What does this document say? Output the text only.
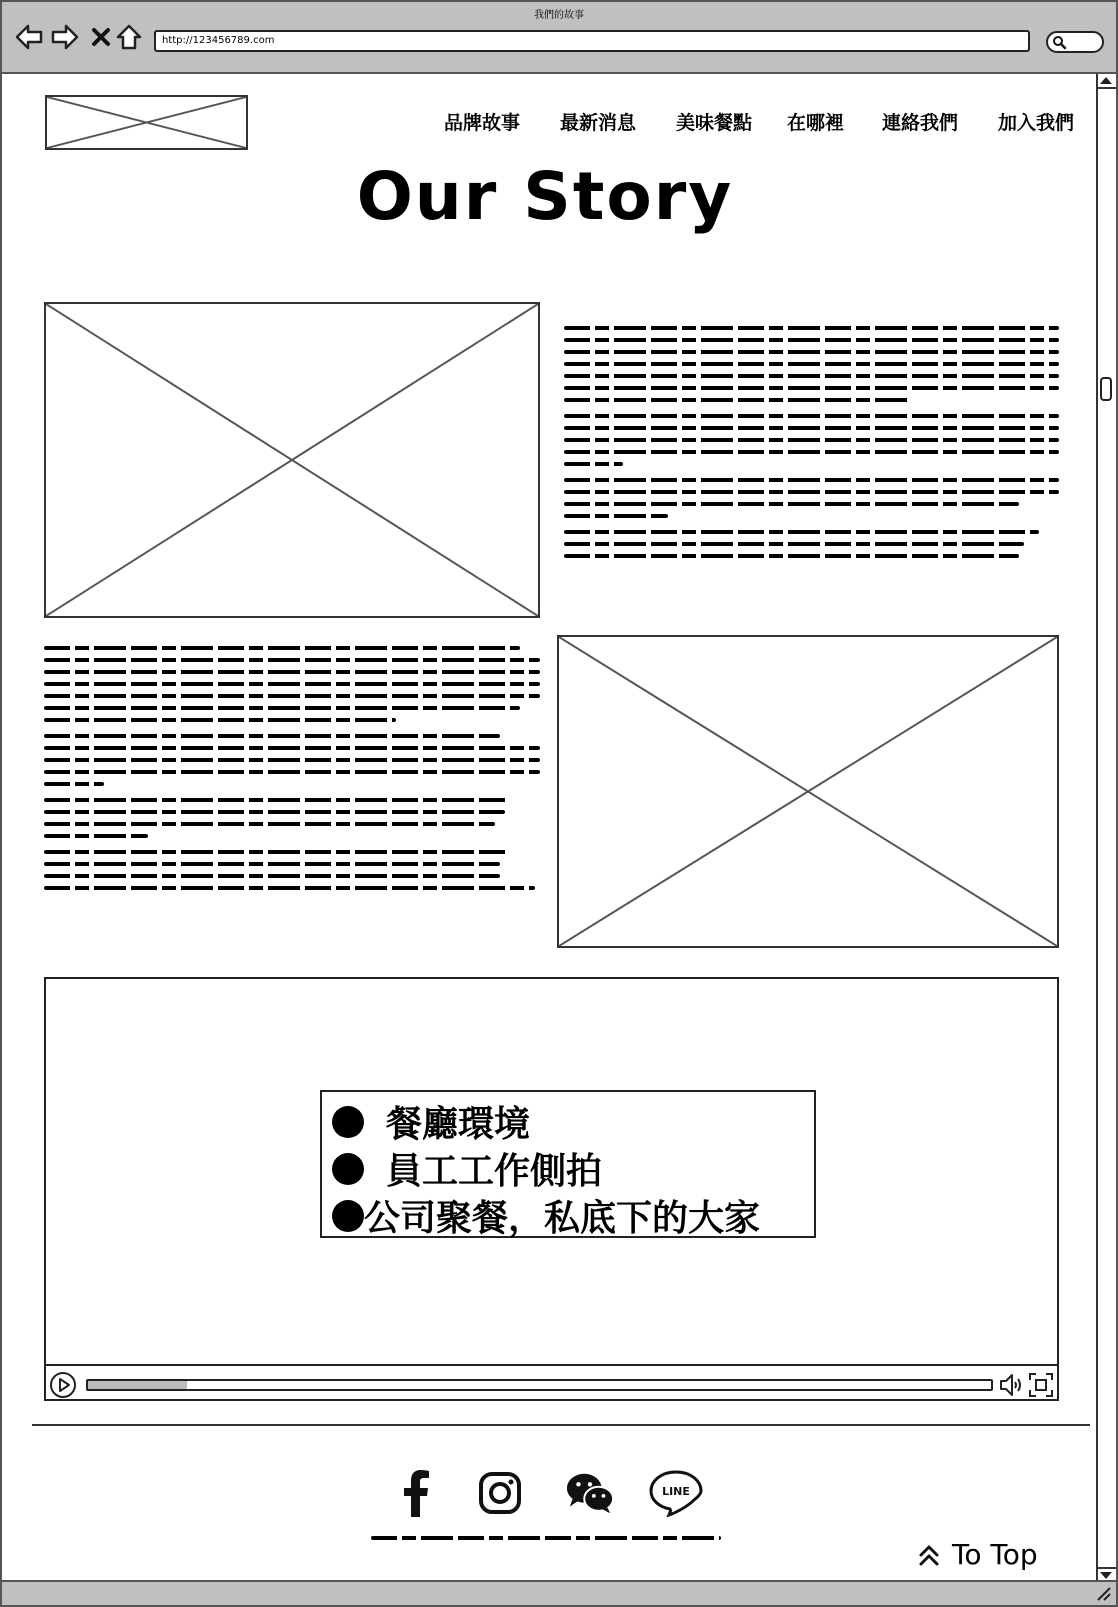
我們的故事
http://123456789.com
品牌故事 最新消息 美味餐點 在哪裡 連絡我們 加入我們
Our Story

餐廳環境
員工工作側拍
公司聚餐，私底下的大家
LINE
To Top
